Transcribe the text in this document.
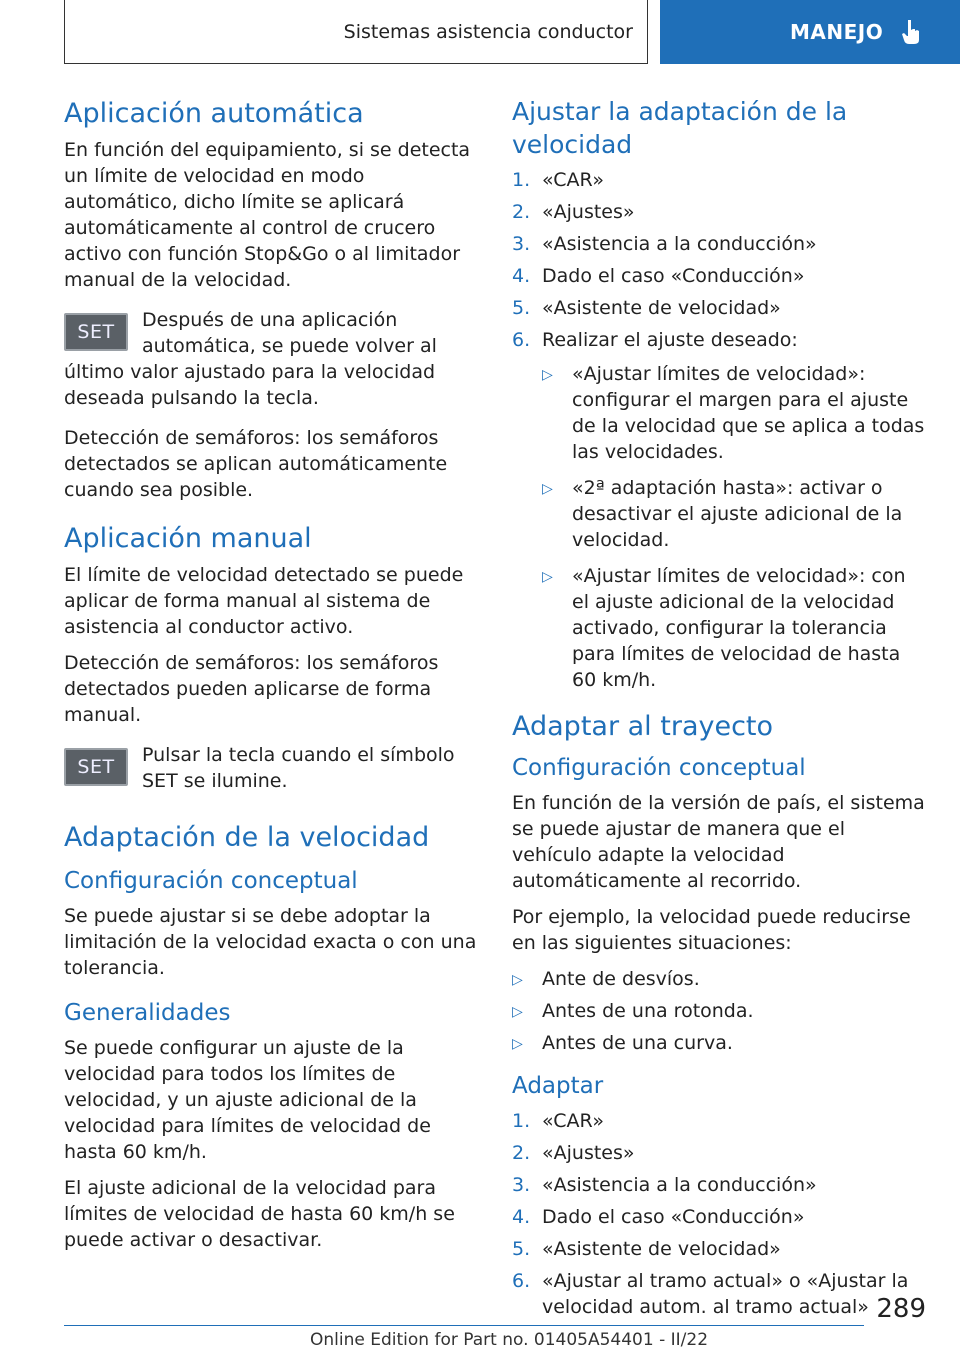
Sistemas asistencia conductor	MANEJO
Aplicación automática

En función del equipamiento, si se detecta un límite de velocidad en modo automático, dicho límite se aplicará automáticamente al control de crucero activo con función Stop&Go o al limitador manual de la velocidad.

SET

Después de una aplicación automática, se puede volver al último valor ajustado para la velocidad deseada pulsando la tecla.

Detección de semáforos: los semáforos detectados se aplican automáticamente cuando sea posible.

Aplicación manual

El límite de velocidad detectado se puede aplicar de forma manual al sistema de asistencia al conductor activo.

Detección de semáforos: los semáforos detectados pueden aplicarse de forma manual.

SET

Pulsar la tecla cuando el símbolo SET se ilumine.

Adaptación de la velocidad
Configuración conceptual

Se puede ajustar si se debe adoptar la limitación de la velocidad exacta o con una tolerancia.

Generalidades

Se puede configurar un ajuste de la velocidad para todos los límites de velocidad, y un ajuste adicional de la velocidad para límites de velocidad de hasta 60 km/h.

El ajuste adicional de la velocidad para límites de velocidad de hasta 60 km/h se puede activar o desactivar.

Ajustar la adaptación de la velocidad
1. «CAR»
2. «Ajustes»
3. «Asistencia a la conducción»
4. Dado el caso «Conducción»
5. «Asistente de velocidad»
6. Realizar el ajuste deseado:
▷ «Ajustar límites de velocidad»: configurar el margen para el ajuste de la velocidad que se aplica a todas las velocidades.
▷ «2ª adaptación hasta»: activar o desactivar el ajuste adicional de la velocidad.
▷ «Ajustar límites de velocidad»: con el ajuste adicional de la velocidad activado, configurar la tolerancia para límites de velocidad de hasta 60 km/h.
Adaptar al trayecto
Configuración conceptual

En función de la versión de país, el sistema se puede ajustar de manera que el vehículo adapte la velocidad automáticamente al recorrido.

Por ejemplo, la velocidad puede reducirse en las siguientes situaciones:

▷ Ante de desvíos.
▷ Antes de una rotonda.
▷ Antes de una curva.
Adaptar
1. «CAR»
2. «Ajustes»
3. «Asistencia a la conducción»
4. Dado el caso «Conducción»
5. «Asistente de velocidad»
6. «Ajustar al tramo actual» o «Ajustar la velocidad autom. al tramo actual» 289
Online Edition for Part no. 01405A54401 - II/22
